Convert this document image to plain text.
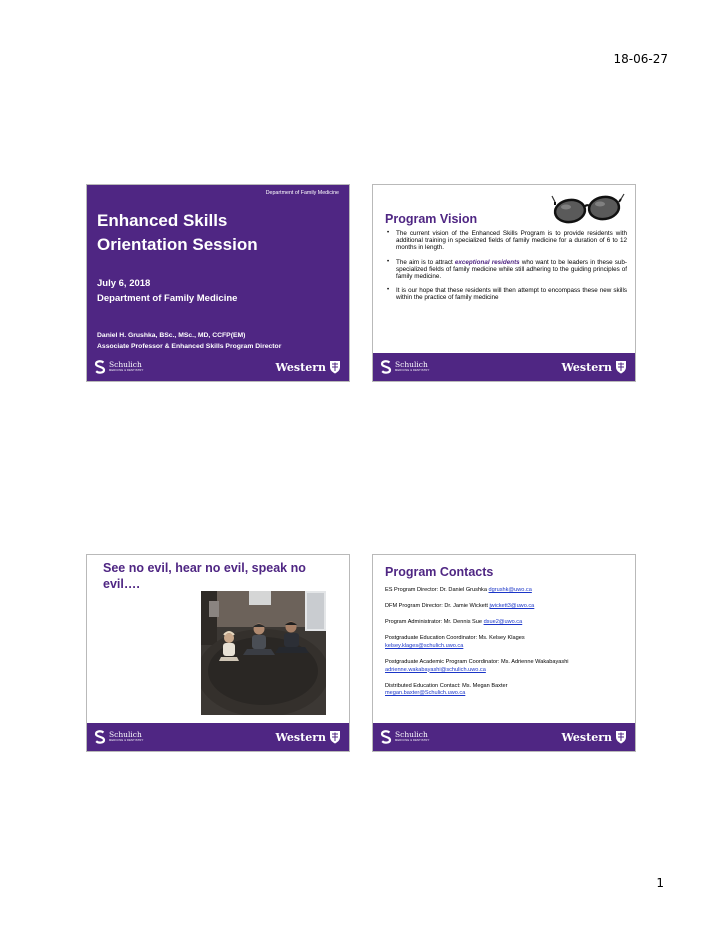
18-06-27
Department of Family Medicine
Enhanced Skills
Orientation Session
July 6, 2018
Department of Family Medicine
Daniel H. Grushka, BSc., MSc., MD, CCFP(EM)
Associate Professor & Enhanced Skills Program Director
Schulich
MEDICINE & DENTISTRY	Western
Program Vision
• The current vision of the Enhanced Skills Program is to provide residents with additional training in specialized fields of family medicine for a duration of 6 to 12 months in length.
• The aim is to attract exceptional residents who want to be leaders in these sub-specialized fields of family medicine while still adhering to the guiding principles of family medicine.
• It is our hope that these residents will then attempt to encompass these new skills within the practice of family medicine
Schulich
MEDICINE & DENTISTRY	Western
See no evil, hear no evil, speak no evil….
Schulich
MEDICINE & DENTISTRY	Western
Program Contacts
ES Program Director: Dr. Daniel Grushka dgrushk@uwo.ca
DFM Program Director: Dr. Jamie Wickett jwickett3@uwo.ca
Program Administrator: Mr. Dennis Sue dsue2@uwo.ca
Postgraduate Education Coordinator: Ms. Kelsey Klages
kelsey.klages@schulich.uwo.ca
Postgraduate Academic Program Coordinator: Ms. Adrienne Wakabayashi
adrienne.wakabayashi@schulich.uwo.ca
Distributed Education Contact: Ms. Megan Baxter
megan.baxter@Schulich.uwo.ca
Schulich
MEDICINE & DENTISTRY	Western
1
